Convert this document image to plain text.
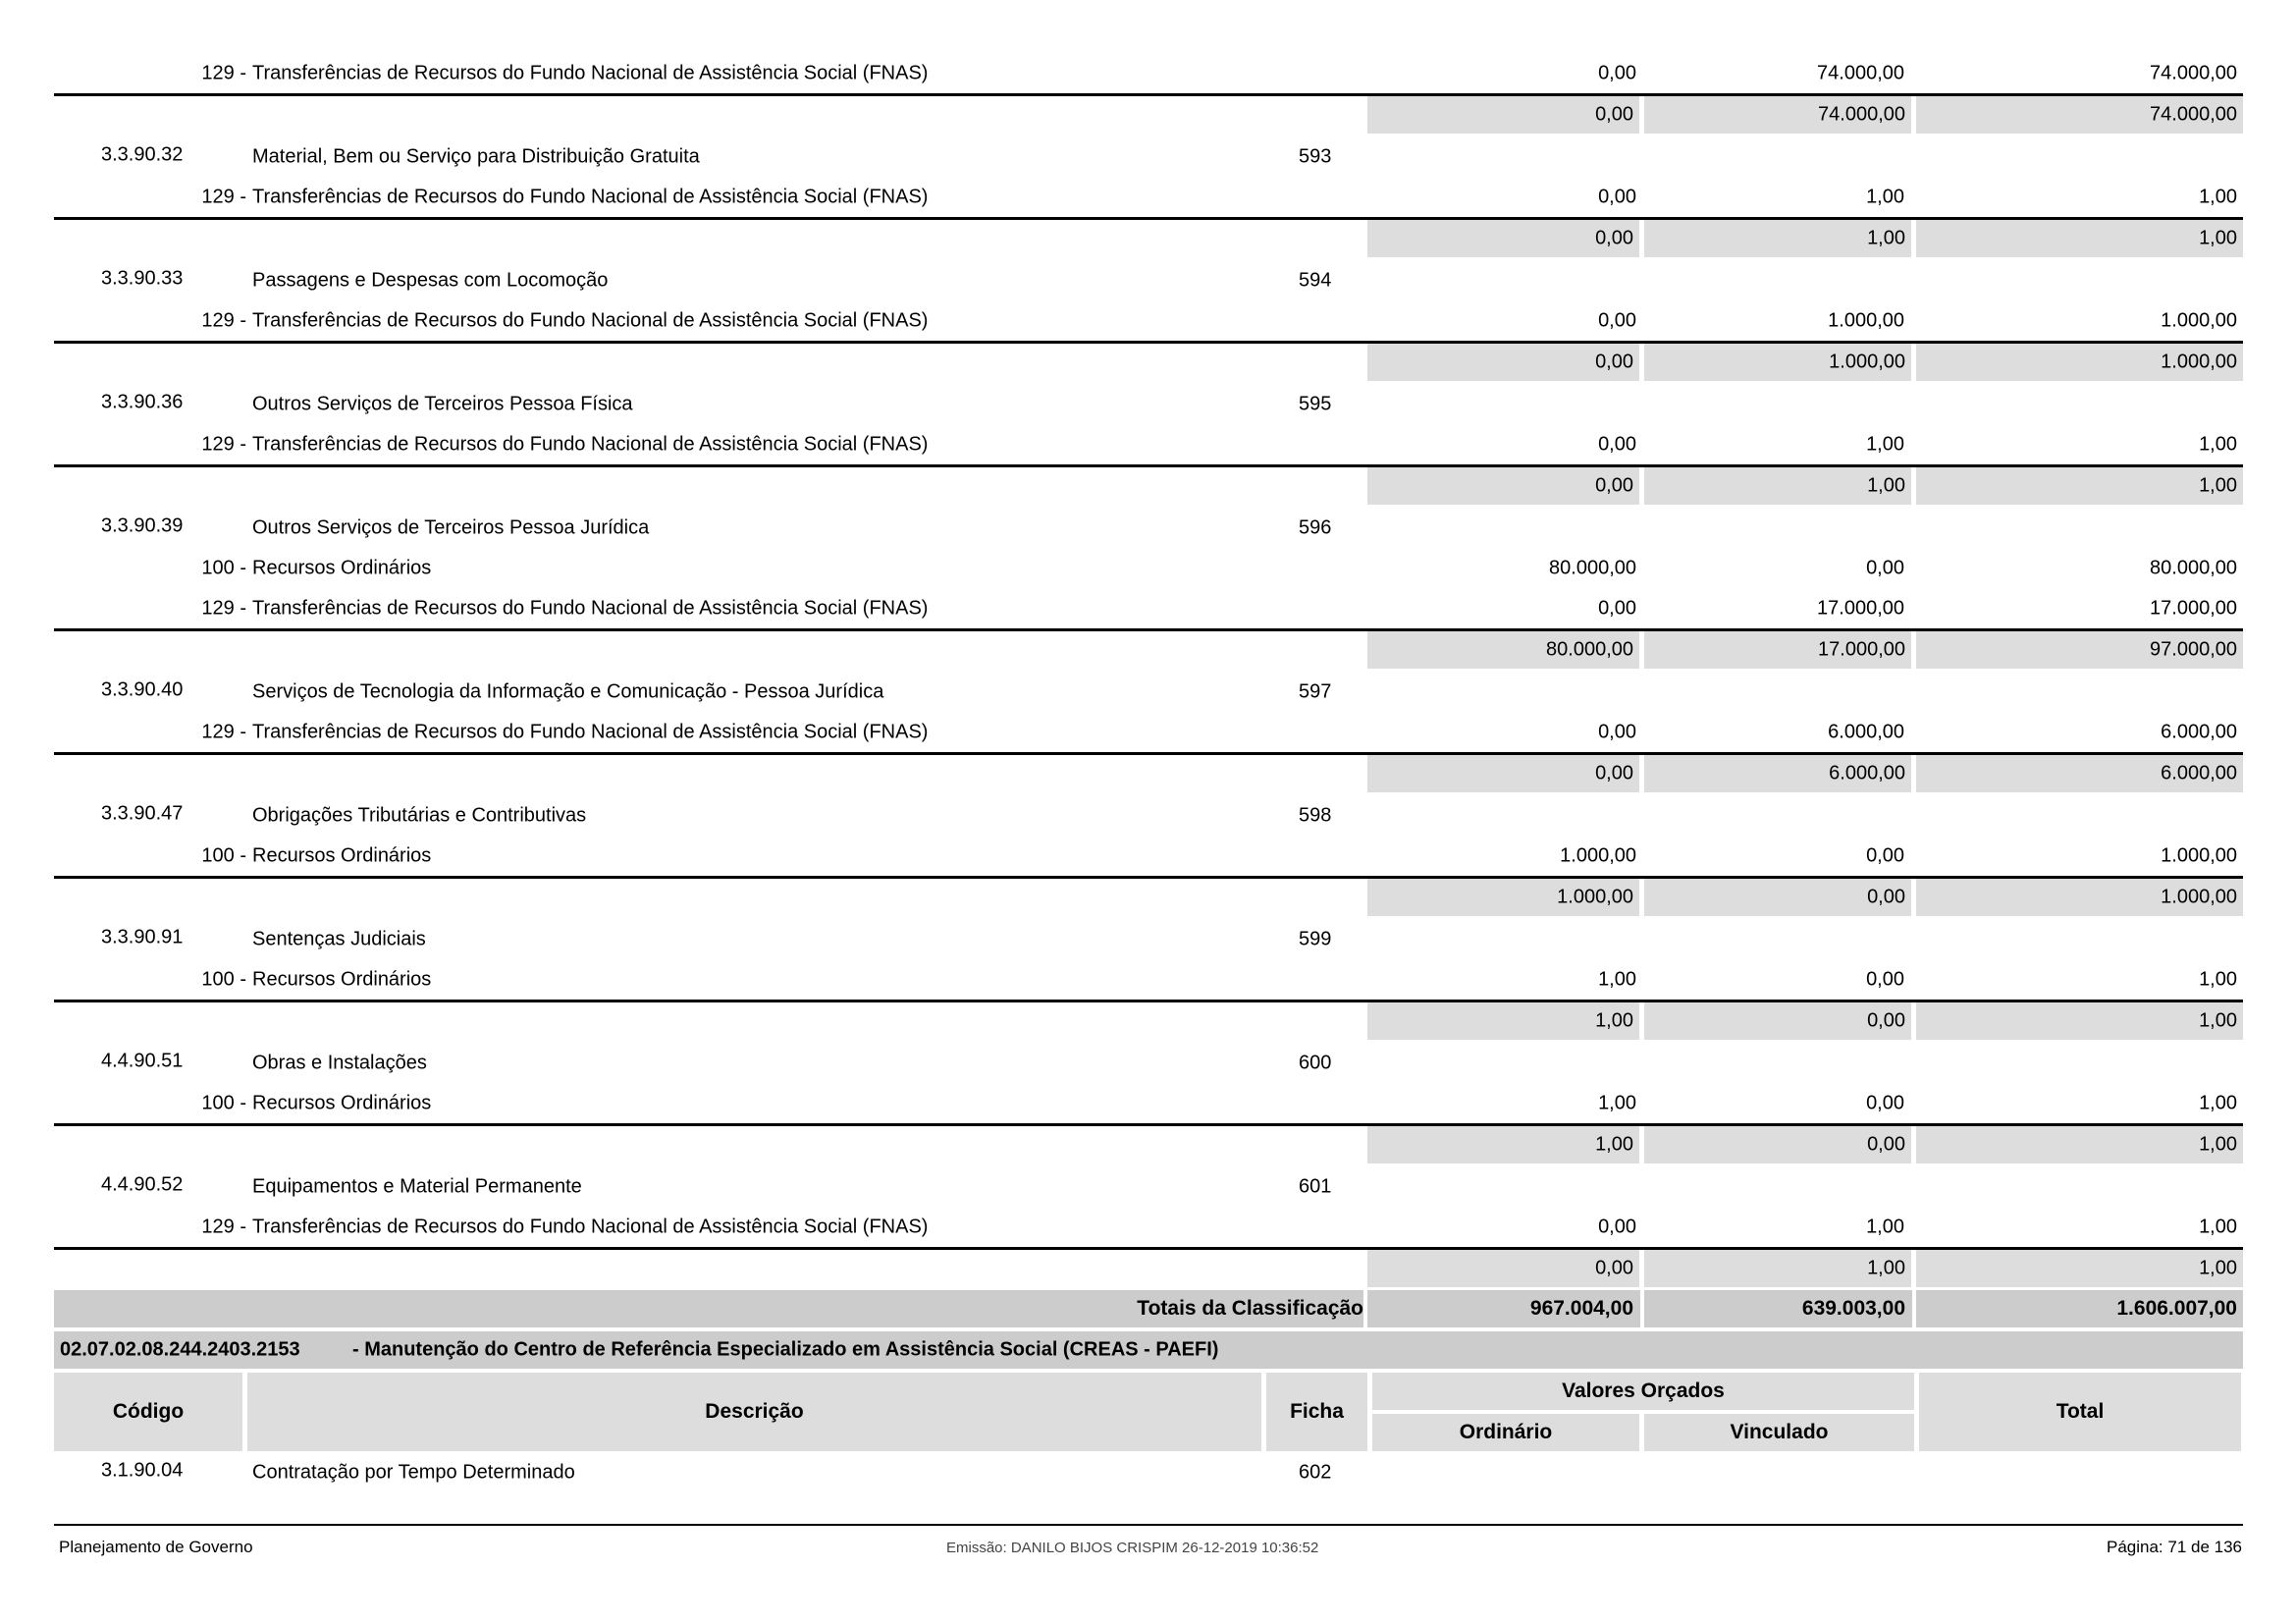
129 - Transferências de Recursos do Fundo Nacional de Assistência Social (FNAS)	0,00	74.000,00	74.000,00
0,00	74.000,00	74.000,00
3.3.90.32	Material, Bem ou Serviço para Distribuição Gratuita	593
129 - Transferências de Recursos do Fundo Nacional de Assistência Social (FNAS)	0,00	1,00	1,00
0,00	1,00	1,00
3.3.90.33	Passagens e Despesas com Locomoção	594
129 - Transferências de Recursos do Fundo Nacional de Assistência Social (FNAS)	0,00	1.000,00	1.000,00
0,00	1.000,00	1.000,00
3.3.90.36	Outros Serviços de Terceiros Pessoa Física	595
129 - Transferências de Recursos do Fundo Nacional de Assistência Social (FNAS)	0,00	1,00	1,00
0,00	1,00	1,00
3.3.90.39	Outros Serviços de Terceiros Pessoa Jurídica	596
100 - Recursos Ordinários	80.000,00	0,00	80.000,00
129 - Transferências de Recursos do Fundo Nacional de Assistência Social (FNAS)	0,00	17.000,00	17.000,00
80.000,00	17.000,00	97.000,00
3.3.90.40	Serviços de Tecnologia da Informação e Comunicação - Pessoa Jurídica	597
129 - Transferências de Recursos do Fundo Nacional de Assistência Social (FNAS)	0,00	6.000,00	6.000,00
0,00	6.000,00	6.000,00
3.3.90.47	Obrigações Tributárias e Contributivas	598
100 - Recursos Ordinários	1.000,00	0,00	1.000,00
1.000,00	0,00	1.000,00
3.3.90.91	Sentenças Judiciais	599
100 - Recursos Ordinários	1,00	0,00	1,00
1,00	0,00	1,00
4.4.90.51	Obras e Instalações	600
100 - Recursos Ordinários	1,00	0,00	1,00
1,00	0,00	1,00
4.4.90.52	Equipamentos e Material Permanente	601
129 - Transferências de Recursos do Fundo Nacional de Assistência Social (FNAS)	0,00	1,00	1,00
0,00	1,00	1,00
Totais da Classificação	967.004,00	639.003,00	1.606.007,00
02.07.02.08.244.2403.2153	- Manutenção do Centro de Referência Especializado em Assistência Social (CREAS - PAEFI)
Código	Descrição	Ficha
Valores Orçados
Ordinário	Vinculado
Total
3.1.90.04	Contratação por Tempo Determinado	602
Planejamento de Governo	Emissão: DANILO BIJOS CRISPIM 26-12-2019 10:36:52	Página: 71 de 136
